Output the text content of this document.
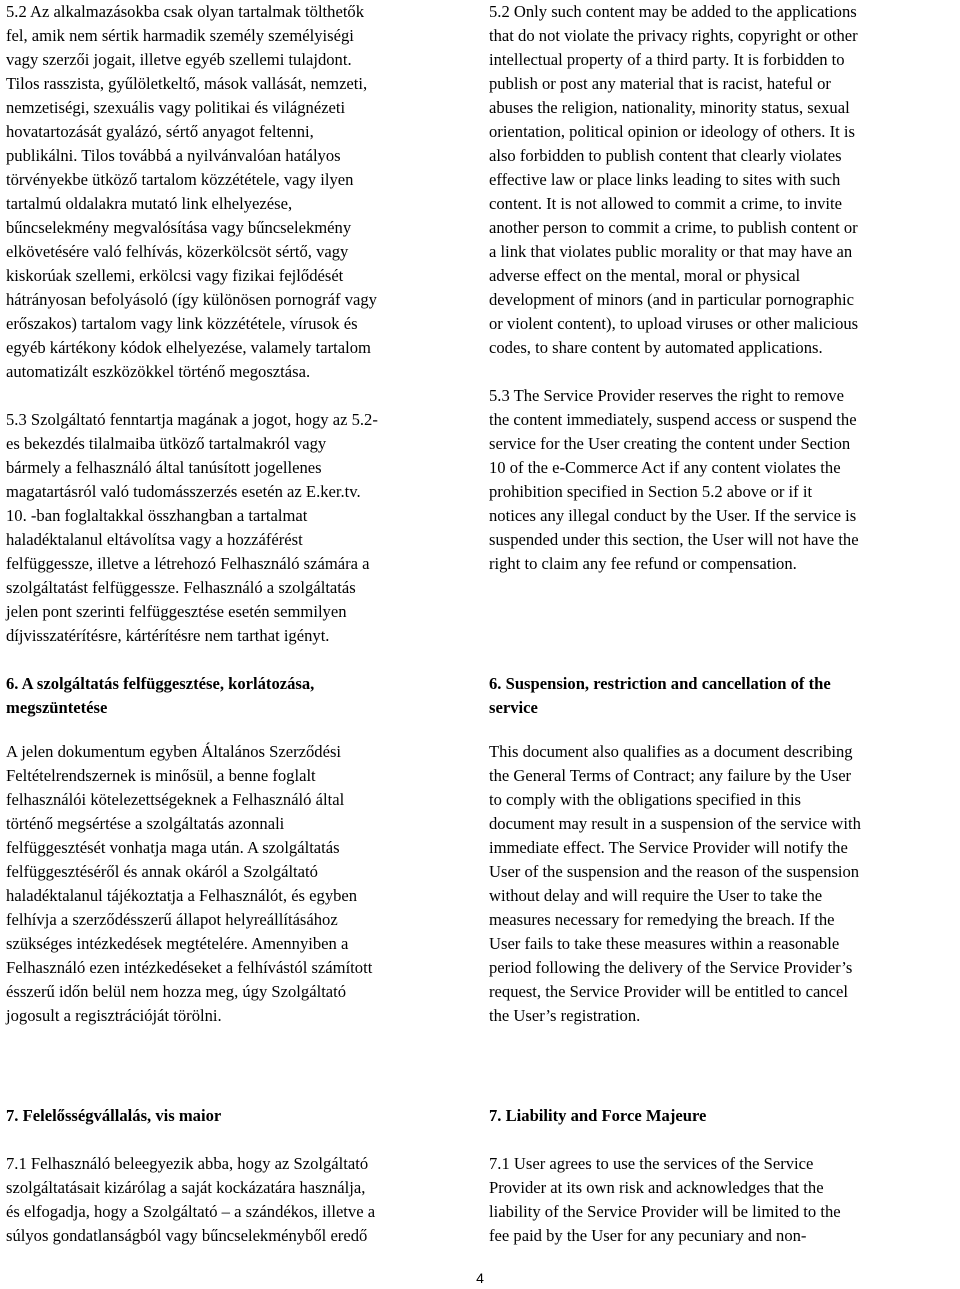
5.2 Az alkalmazásokba csak olyan tartalmak tölthetők
fel, amik nem sértik harmadik személy személyiségi
vagy szerzői jogait, illetve egyéb szellemi tulajdont.
Tilos rasszista, gyűlöletkeltő, mások vallását, nemzeti,
nemzetiségi, szexuális vagy politikai és világnézeti
hovatartozását gyalázó, sértő anyagot feltenni,
publikálni. Tilos továbbá a nyilvánvalóan hatályos
törvényekbe ütköző tartalom közzététele, vagy ilyen
tartalmú oldalakra mutató link elhelyezése,
bűncselekmény megvalósítása vagy bűncselekmény
elkövetésére való felhívás, közerkölcsöt sértő, vagy
kiskorúak szellemi, erkölcsi vagy fizikai fejlődését
hátrányosan befolyásoló (így különösen pornográf vagy
erőszakos) tartalom vagy link közzététele, vírusok és
egyéb kártékony kódok elhelyezése, valamely tartalom
automatizált eszközökkel történő megosztása.

5.3 Szolgáltató fenntartja magának a jogot, hogy az 5.2-
es bekezdés tilalmaiba ütköző tartalmakról vagy
bármely a felhasználó által tanúsított jogellenes
magatartásról való tudomásszerzés esetén az E.ker.tv.
10. -ban foglaltakkal összhangban a tartalmat
haladéktalanul eltávolítsa vagy a hozzáférést
felfüggessze, illetve a létrehozó Felhasználó számára a
szolgáltatást felfüggessze. Felhasználó a szolgáltatás
jelen pont szerinti felfüggesztése esetén semmilyen
díjvisszatérítésre, kártérítésre nem tarthat igényt.

6. A szolgáltatás felfüggesztése, korlátozása,
megszüntetése

A jelen dokumentum egyben Általános Szerződési
Feltételrendszernek is minősül, a benne foglalt
felhasználói kötelezettségeknek a Felhasználó által
történő megsértése a szolgáltatás azonnali
felfüggesztését vonhatja maga után. A szolgáltatás
felfüggesztéséről és annak okáról a Szolgáltató
haladéktalanul tájékoztatja a Felhasználót, és egyben
felhívja a szerződésszerű állapot helyreállításához
szükséges intézkedések megtételére. Amennyiben a
Felhasználó ezen intézkedéseket a felhívástól számított
ésszerű időn belül nem hozza meg, úgy Szolgáltató
jogosult a regisztrációját törölni.

7. Felelősségvállalás, vis maior

7.1 Felhasználó beleegyezik abba, hogy az Szolgáltató
szolgáltatásait kizárólag a saját kockázatára használja,
és elfogadja, hogy a Szolgáltató – a szándékos, illetve a
súlyos gondatlanságból vagy bűncselekményből eredő

5.2 Only such content may be added to the applications
that do not violate the privacy rights, copyright or other
intellectual property of a third party. It is forbidden to
publish or post any material that is racist, hateful or
abuses the religion, nationality, minority status, sexual
orientation, political opinion or ideology of others. It is
also forbidden to publish content that clearly violates
effective law or place links leading to sites with such
content. It is not allowed to commit a crime, to invite
another person to commit a crime, to publish content or
a link that violates public morality or that may have an
adverse effect on the mental, moral or physical
development of minors (and in particular pornographic
or violent content), to upload viruses or other malicious
codes, to share content by automated applications.

5.3 The Service Provider reserves the right to remove
the content immediately, suspend access or suspend the
service for the User creating the content under Section
10 of the e-Commerce Act if any content violates the
prohibition specified in Section 5.2 above or if it
notices any illegal conduct by the User. If the service is
suspended under this section, the User will not have the
right to claim any fee refund or compensation.

6. Suspension, restriction and cancellation of the
service

This document also qualifies as a document describing
the General Terms of Contract; any failure by the User
to comply with the obligations specified in this
document may result in a suspension of the service with
immediate effect. The Service Provider will notify the
User of the suspension and the reason of the suspension
without delay and will require the User to take the
measures necessary for remedying the breach. If the
User fails to take these measures within a reasonable
period following the delivery of the Service Provider’s
request, the Service Provider will be entitled to cancel
the User’s registration.

7. Liability and Force Majeure

7.1 User agrees to use the services of the Service
Provider at its own risk and acknowledges that the
liability of the Service Provider will be limited to the
fee paid by the User for any pecuniary and non-

4
